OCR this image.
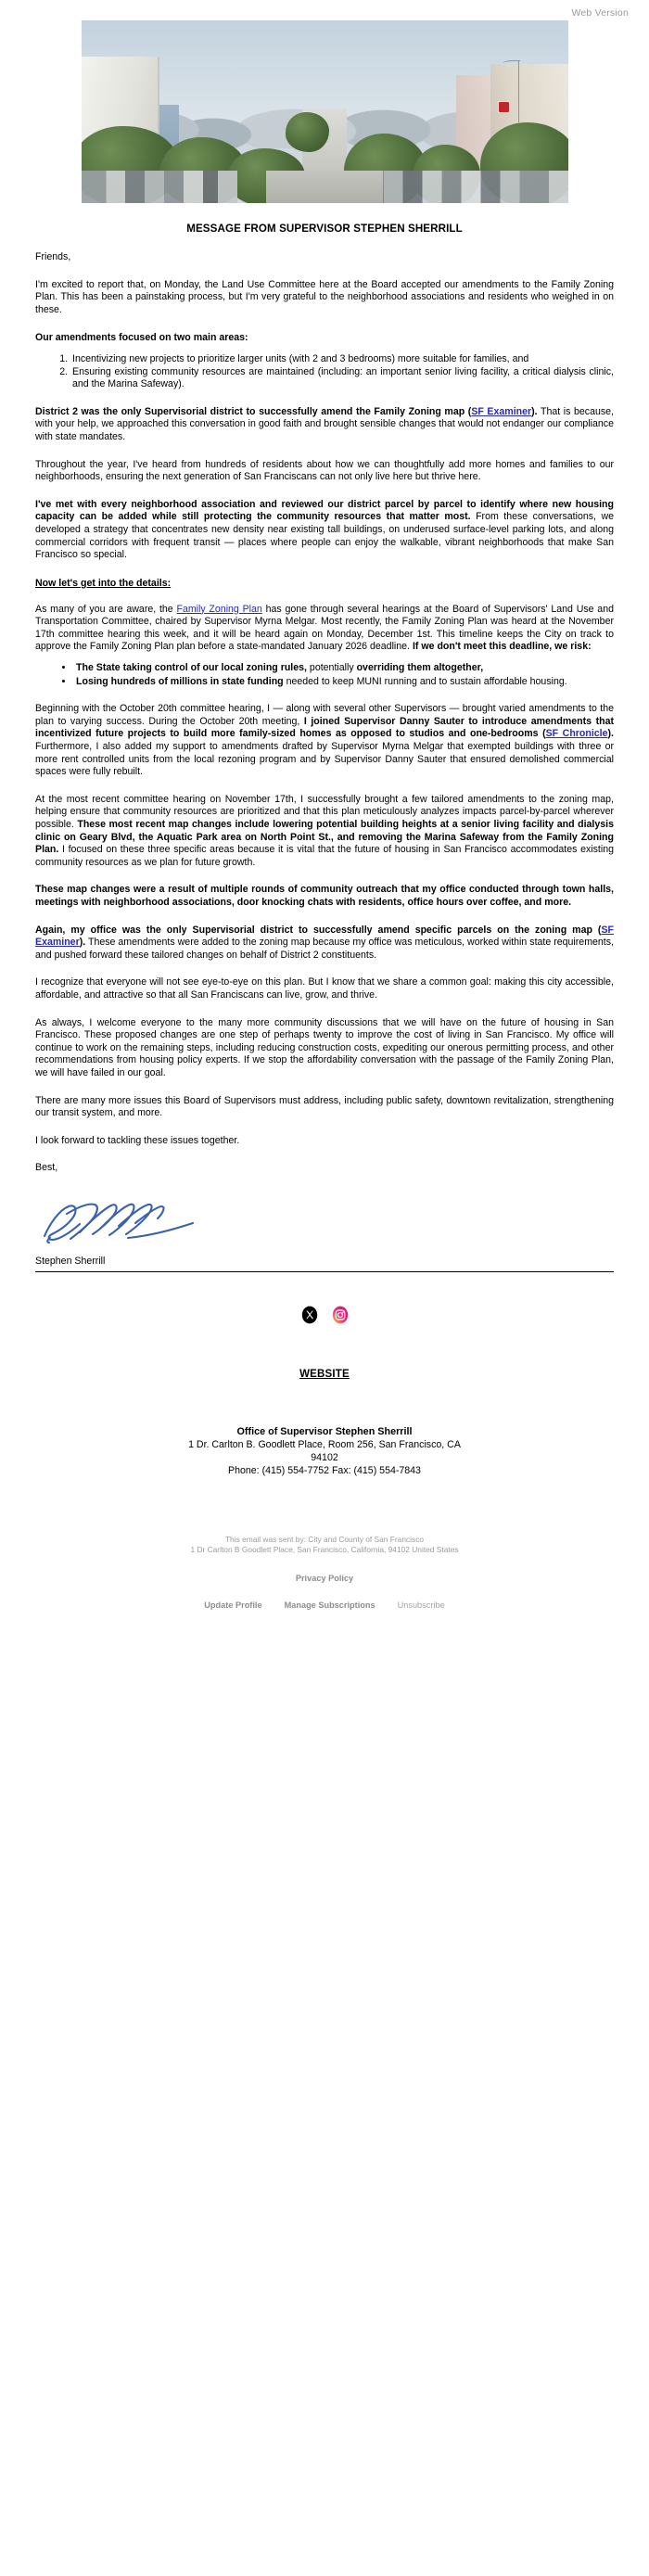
Web Version
MESSAGE FROM SUPERVISOR STEPHEN SHERRILL

Friends,

I'm excited to report that, on Monday, the Land Use Committee here at the Board accepted our amendments to the Family Zoning Plan. This has been a painstaking process, but I'm very grateful to the neighborhood associations and residents who weighed in on these.

Our amendments focused on two main areas:

1. Incentivizing new projects to prioritize larger units (with 2 and 3 bedrooms) more suitable for families, and
2. Ensuring existing community resources are maintained (including: an important senior living facility, a critical dialysis clinic, and the Marina Safeway).

District 2 was the only Supervisorial district to successfully amend the Family Zoning map (SF Examiner). That is because, with your help, we approached this conversation in good faith and brought sensible changes that would not endanger our compliance with state mandates.

Throughout the year, I've heard from hundreds of residents about how we can thoughtfully add more homes and families to our neighborhoods, ensuring the next generation of San Franciscans can not only live here but thrive here.

I've met with every neighborhood association and reviewed our district parcel by parcel to identify where new housing capacity can be added while still protecting the community resources that matter most. From these conversations, we developed a strategy that concentrates new density near existing tall buildings, on underused surface-level parking lots, and along commercial corridors with frequent transit — places where people can enjoy the walkable, vibrant neighborhoods that make San Francisco so special.

Now let's get into the details:

As many of you are aware, the Family Zoning Plan has gone through several hearings at the Board of Supervisors' Land Use and Transportation Committee, chaired by Supervisor Myrna Melgar. Most recently, the Family Zoning Plan was heard at the November 17th committee hearing this week, and it will be heard again on Monday, December 1st. This timeline keeps the City on track to approve the Family Zoning Plan plan before a state-mandated January 2026 deadline. If we don't meet this deadline, we risk:

• The State taking control of our local zoning rules, potentially overriding them altogether,
• Losing hundreds of millions in state funding needed to keep MUNI running and to sustain affordable housing.

Beginning with the October 20th committee hearing, I — along with several other Supervisors — brought varied amendments to the plan to varying success. During the October 20th meeting, I joined Supervisor Danny Sauter to introduce amendments that incentivized future projects to build more family-sized homes as opposed to studios and one-bedrooms (SF Chronicle). Furthermore, I also added my support to amendments drafted by Supervisor Myrna Melgar that exempted buildings with three or more rent controlled units from the local rezoning program and by Supervisor Danny Sauter that ensured demolished commercial spaces were fully rebuilt.

At the most recent committee hearing on November 17th, I successfully brought a few tailored amendments to the zoning map, helping ensure that community resources are prioritized and that this plan meticulously analyzes impacts parcel-by-parcel wherever possible. These most recent map changes include lowering potential building heights at a senior living facility and dialysis clinic on Geary Blvd, the Aquatic Park area on North Point St., and removing the Marina Safeway from the Family Zoning Plan. I focused on these three specific areas because it is vital that the future of housing in San Francisco accommodates existing community resources as we plan for future growth.

These map changes were a result of multiple rounds of community outreach that my office conducted through town halls, meetings with neighborhood associations, door knocking chats with residents, office hours over coffee, and more.

Again, my office was the only Supervisorial district to successfully amend specific parcels on the zoning map (SF Examiner). These amendments were added to the zoning map because my office was meticulous, worked within state requirements, and pushed forward these tailored changes on behalf of District 2 constituents.

I recognize that everyone will not see eye-to-eye on this plan. But I know that we share a common goal: making this city accessible, affordable, and attractive so that all San Franciscans can live, grow, and thrive.

As always, I welcome everyone to the many more community discussions that we will have on the future of housing in San Francisco. These proposed changes are one step of perhaps twenty to improve the cost of living in San Francisco. My office will continue to work on the remaining steps, including reducing construction costs, expediting our onerous permitting process, and other recommendations from housing policy experts. If we stop the affordability conversation with the passage of the Family Zoning Plan, we will have failed in our goal.

There are many more issues this Board of Supervisors must address, including public safety, downtown revitalization, strengthening our transit system, and more.

I look forward to tackling these issues together.

Best,

Stephen Sherrill
WEBSITE
Office of Supervisor Stephen Sherrill
1 Dr. Carlton B. Goodlett Place, Room 256, San Francisco, CA
94102
Phone: (415) 554-7752 Fax: (415) 554-7843
This email was sent by: City and County of San Francisco
1 Dr Carlton B Goodlett Place, San Francisco, California, 94102 United States
Privacy Policy
Update Profile	Manage Subscriptions	Unsubscribe
